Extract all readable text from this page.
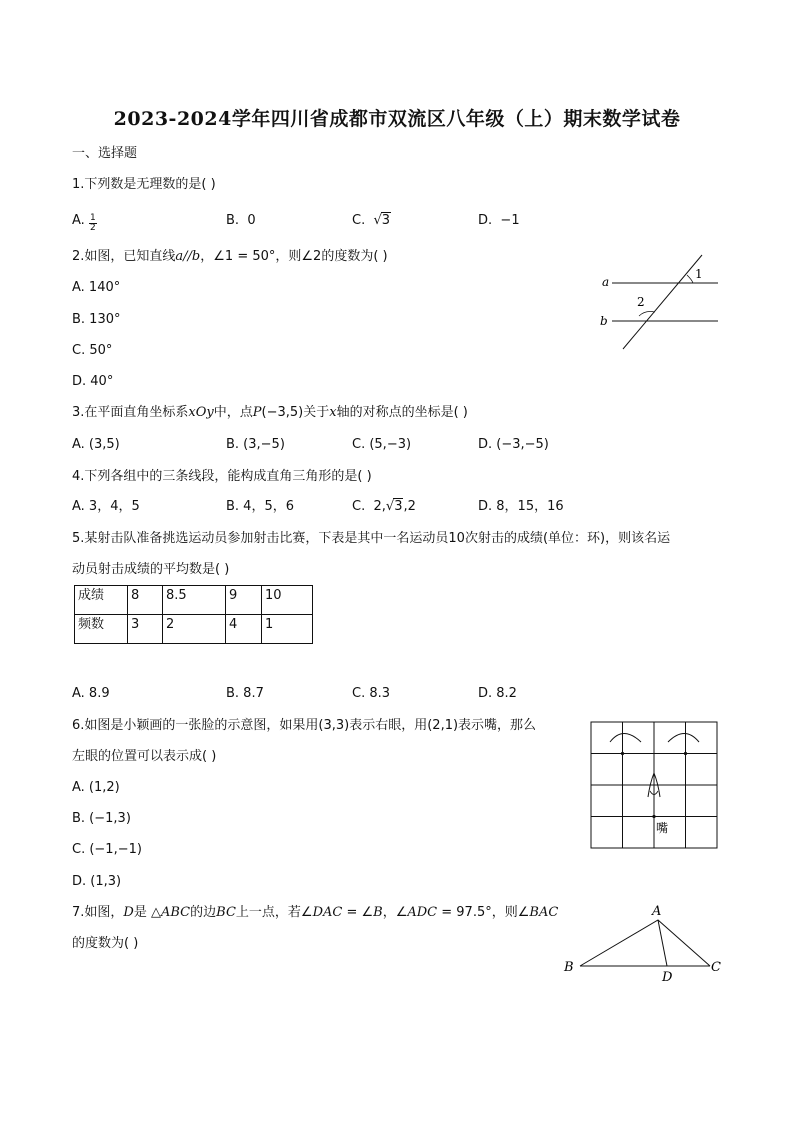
2023-2024学年四川省成都市双流区八年级（上）期末数学试卷
一、选择题
1.下列数是无理数的是( )
A. $\frac{1}{2}$	B. 0	C. √3	D. −1
2.如图，已知直线a//b，∠1 = 50°，则∠2的度数为( )
A. 140°
B. 130°
C. 50°
D. 40°
a
b
1
2
3.在平面直角坐标系xOy中，点P(−3,5)关于x轴的对称点的坐标是( )
A. (3,5)	B. (3,−5)	C. (5,−3)	D. (−3,−5)
4.下列各组中的三条线段，能构成直角三角形的是( )
A. 3，4，5	B. 4，5，6	C. 2,√3,2	D. 8，15，16
5.某射击队准备挑选运动员参加射击比赛，下表是其中一名运动员10次射击的成绩(单位：环)，则该名运
动员射击成绩的平均数是( )
成绩	8	8.5	9	10
频数	3	2	4	1
A. 8.9	B. 8.7	C. 8.3	D. 8.2
6.如图是小颖画的一张脸的示意图，如果用(3,3)表示右眼，用(2,1)表示嘴，那么
左眼的位置可以表示成( )
A. (1,2)
B. (−1,3)
C. (−1,−1)
D. (1,3)
嘴
7.如图，D是 △ABC的边BC上一点，若∠DAC = ∠B，∠ADC = 97.5°，则∠BAC
的度数为( )
A
B	C
D
